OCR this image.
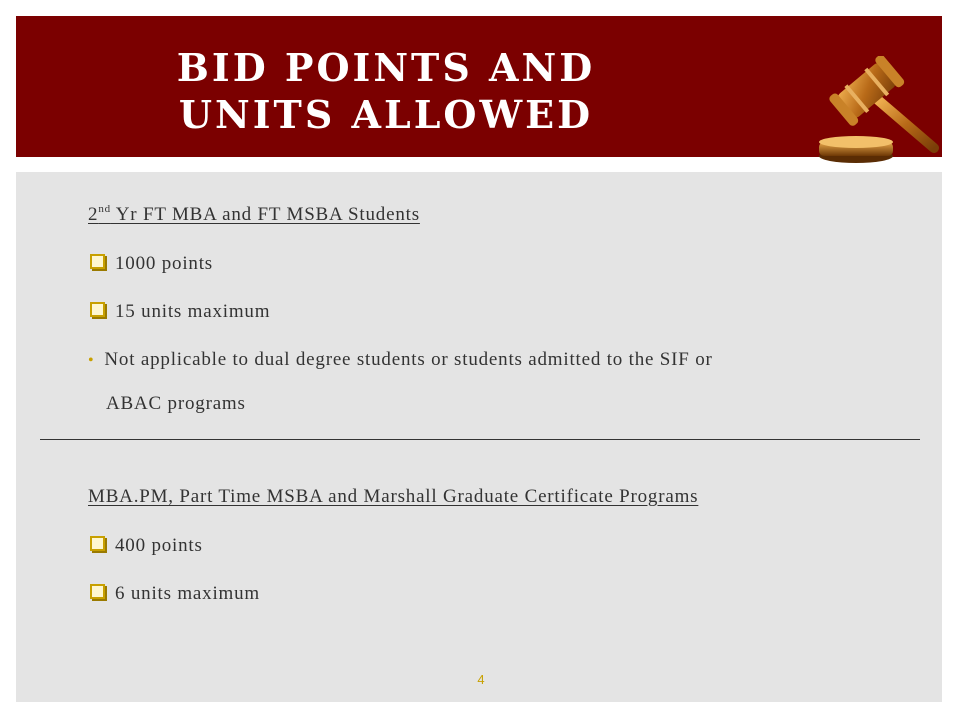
BID POINTS AND UNITS ALLOWED
2nd Yr FT MBA and FT MSBA Students
1000 points
15 units maximum
• Not applicable to dual degree students or students admitted to the SIF or
ABAC programs
MBA.PM, Part Time MSBA and Marshall Graduate Certificate Programs
400 points
6 units maximum
4
